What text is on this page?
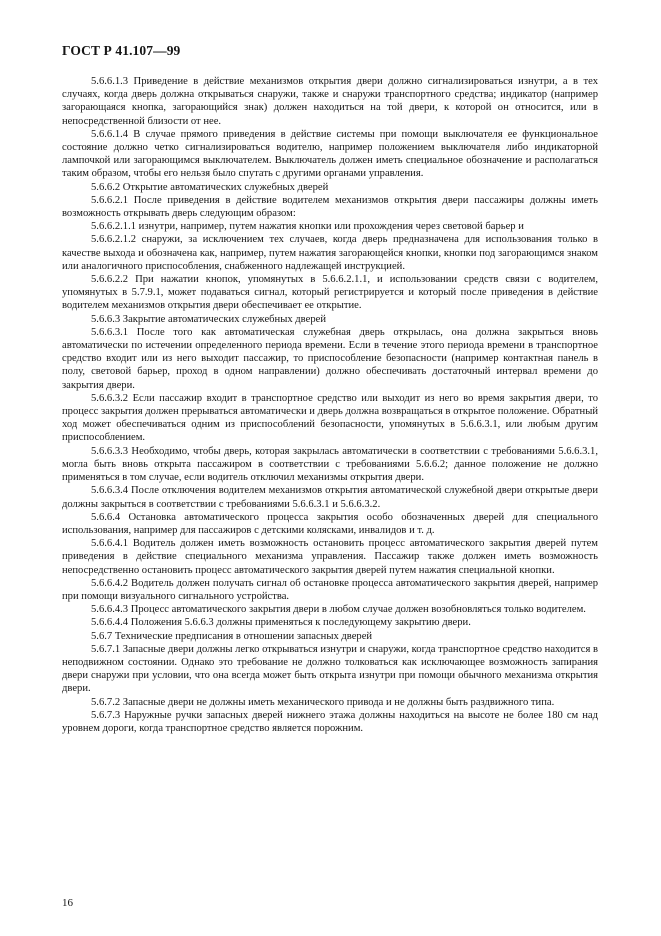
ГОСТ Р 41.107—99

5.6.6.1.3 Приведение в действие механизмов открытия двери должно сигнализироваться изнутри, а в тех случаях, когда дверь должна открываться снаружи, также и снаружи транспортного средства; индикатор (например загорающаяся кнопка, загорающийся знак) должен находиться на той двери, к которой он относится, или в непосредственной близости от нее.

5.6.6.1.4 В случае прямого приведения в действие системы при помощи выключателя ее функциональное состояние должно четко сигнализироваться водителю, например положением выключателя либо индикаторной лампочкой или загорающимся выключателем. Выключатель должен иметь специальное обозначение и располагаться таким образом, чтобы его нельзя было спутать с другими органами управления.

5.6.6.2 Открытие автоматических служебных дверей

5.6.6.2.1 После приведения в действие водителем механизмов открытия двери пассажиры должны иметь возможность открывать дверь следующим образом:

5.6.6.2.1.1 изнутри, например, путем нажатия кнопки или прохождения через световой барьер и

5.6.6.2.1.2 снаружи, за исключением тех случаев, когда дверь предназначена для использования только в качестве выхода и обозначена как, например, путем нажатия загорающейся кнопки, кнопки под загорающимся знаком или аналогичного приспособления, снабженного надлежащей инструкцией.

5.6.6.2.2 При нажатии кнопок, упомянутых в 5.6.6.2.1.1, и использовании средств связи с водителем, упомянутых в 5.7.9.1, может подаваться сигнал, который регистрируется и который после приведения в действие водителем механизмов открытия двери обеспечивает ее открытие.

5.6.6.3 Закрытие автоматических служебных дверей

5.6.6.3.1 После того как автоматическая служебная дверь открылась, она должна закрыться вновь автоматически по истечении определенного периода времени. Если в течение этого периода времени в транспортное средство входит или из него выходит пассажир, то приспособление безопасности (например контактная панель в полу, световой барьер, проход в одном направлении) должно обеспечивать достаточный интервал времени до закрытия двери.

5.6.6.3.2 Если пассажир входит в транспортное средство или выходит из него во время закрытия двери, то процесс закрытия должен прерываться автоматически и дверь должна возвращаться в открытое положение. Обратный ход может обеспечиваться одним из приспособлений безопасности, упомянутых в 5.6.6.3.1, или любым другим приспособлением.

5.6.6.3.3 Необходимо, чтобы дверь, которая закрылась автоматически в соответствии с требованиями 5.6.6.3.1, могла быть вновь открыта пассажиром в соответствии с требованиями 5.6.6.2; данное положение не должно применяться в том случае, если водитель отключил механизмы открытия двери.

5.6.6.3.4 После отключения водителем механизмов открытия автоматической служебной двери открытые двери должны закрыться в соответствии с требованиями 5.6.6.3.1 и 5.6.6.3.2.

5.6.6.4 Остановка автоматического процесса закрытия особо обозначенных дверей для специального использования, например для пассажиров с детскими колясками, инвалидов и т. д.

5.6.6.4.1 Водитель должен иметь возможность остановить процесс автоматического закрытия дверей путем приведения в действие специального механизма управления. Пассажир также должен иметь возможность непосредственно остановить процесс автоматического закрытия дверей путем нажатия специальной кнопки.

5.6.6.4.2 Водитель должен получать сигнал об остановке процесса автоматического закрытия дверей, например при помощи визуального сигнального устройства.

5.6.6.4.3 Процесс автоматического закрытия двери в любом случае должен возобновляться только водителем.

5.6.6.4.4 Положения 5.6.6.3 должны применяться к последующему закрытию двери.

5.6.7 Технические предписания в отношении запасных дверей

5.6.7.1 Запасные двери должны легко открываться изнутри и снаружи, когда транспортное средство находится в неподвижном состоянии. Однако это требование не должно толковаться как исключающее возможность запирания двери снаружи при условии, что она всегда может быть открыта изнутри при помощи обычного механизма открытия двери.

5.6.7.2 Запасные двери не должны иметь механического привода и не должны быть раздвижного типа.

5.6.7.3 Наружные ручки запасных дверей нижнего этажа должны находиться на высоте не более 180 см над уровнем дороги, когда транспортное средство является порожним.

16
